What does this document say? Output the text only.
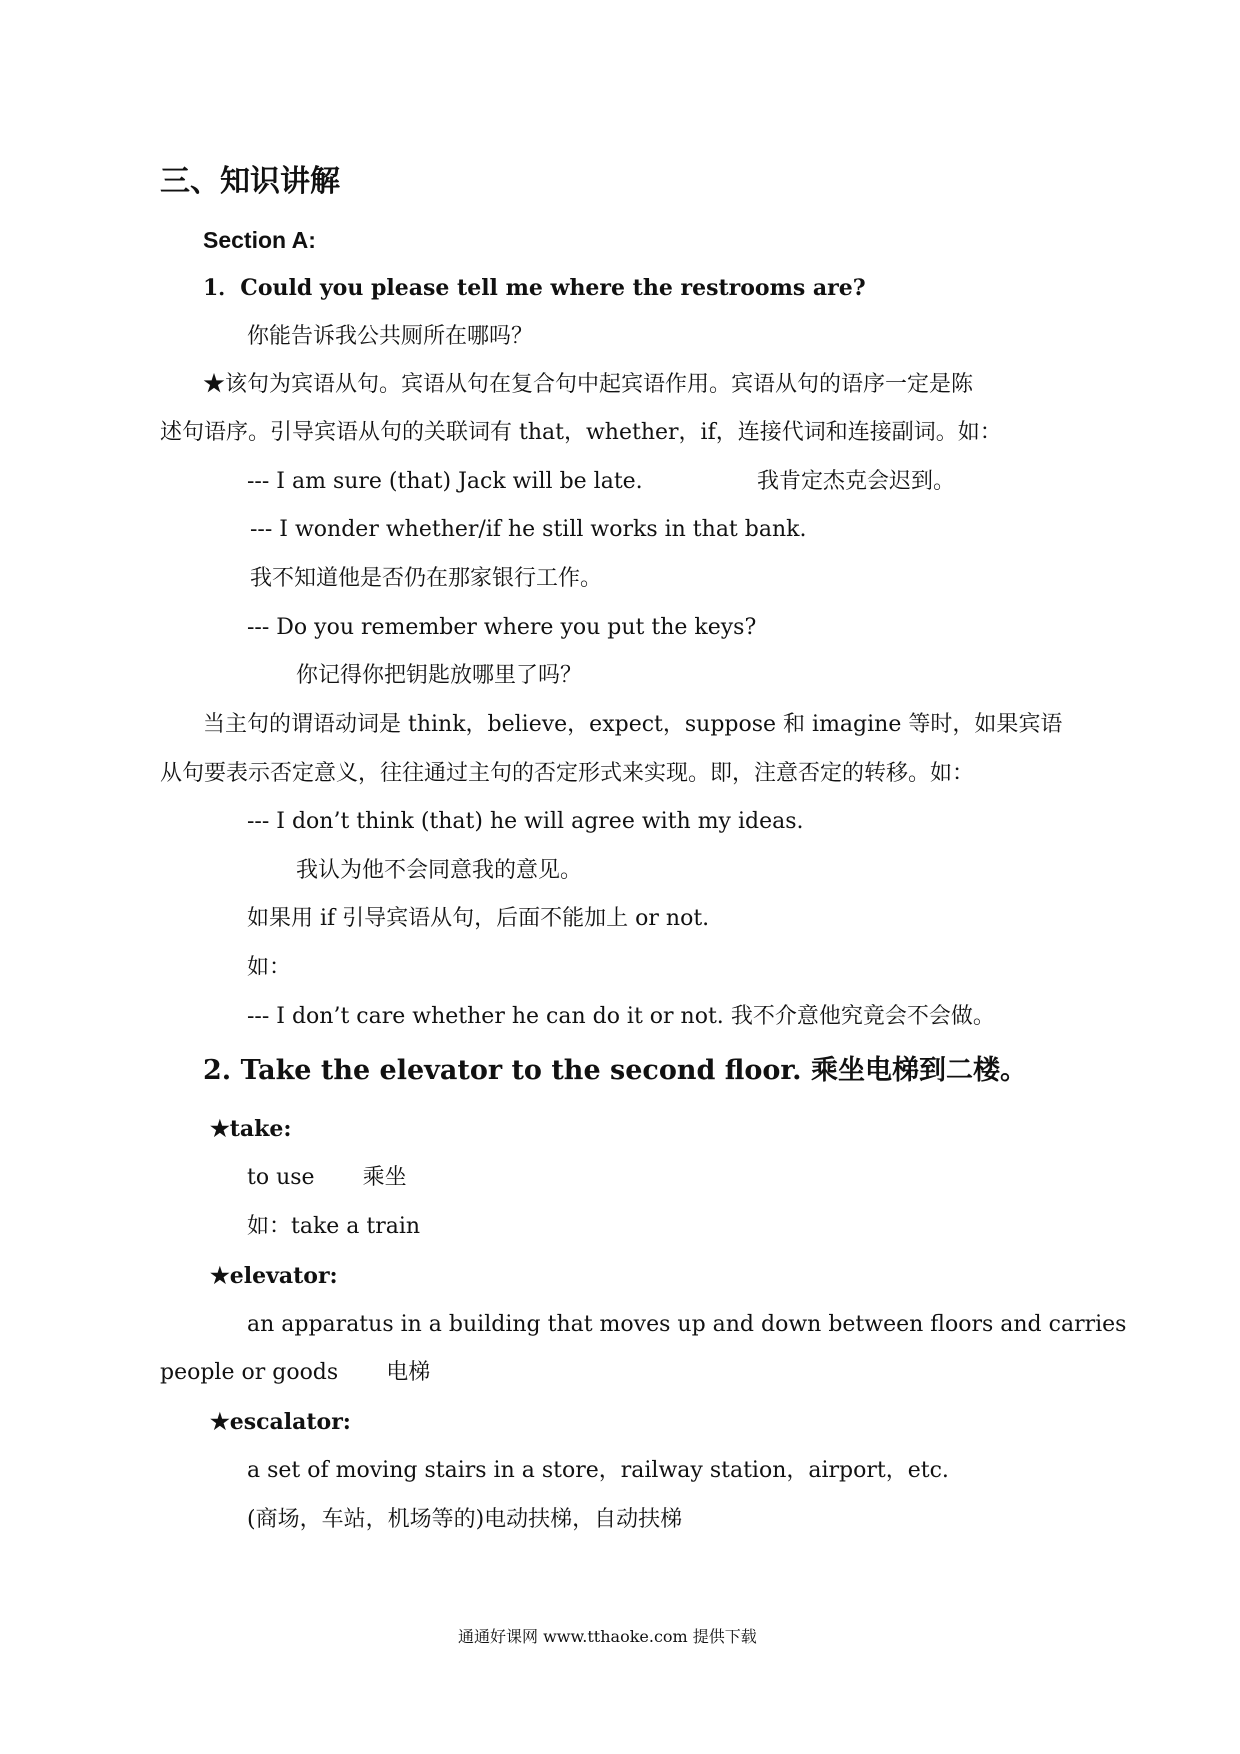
三、知识讲解
Section A:
1．Could you please tell me where the restrooms are?
你能告诉我公共厕所在哪吗？
★该句为宾语从句。宾语从句在复合句中起宾语作用。宾语从句的语序一定是陈
述句语序。引导宾语从句的关联词有 that，whether，if，连接代词和连接副词。如：
--- I am sure (that) Jack will be late.	我肯定杰克会迟到。
--- I wonder whether/if he still works in that bank.
我不知道他是否仍在那家银行工作。
--- Do you remember where you put the keys?
你记得你把钥匙放哪里了吗？
当主句的谓语动词是 think，believe，expect，suppose 和 imagine 等时，如果宾语
从句要表示否定意义，往往通过主句的否定形式来实现。即，注意否定的转移。如：
--- I don’t think (that) he will agree with my ideas.
我认为他不会同意我的意见。
如果用 if 引导宾语从句，后面不能加上 or not.
如：
--- I don’t care whether he can do it or not. 我不介意他究竟会不会做。
2. Take the elevator to the second floor. 乘坐电梯到二楼。
★take:
to use 乘坐
如：take a train
★elevator:
an apparatus in a building that moves up and down between floors and carries
people or goods 电梯
★escalator:
a set of moving stairs in a store，railway station，airport，etc.
(商场，车站，机场等的)电动扶梯，自动扶梯
通通好课网 www.tthaoke.com 提供下载
